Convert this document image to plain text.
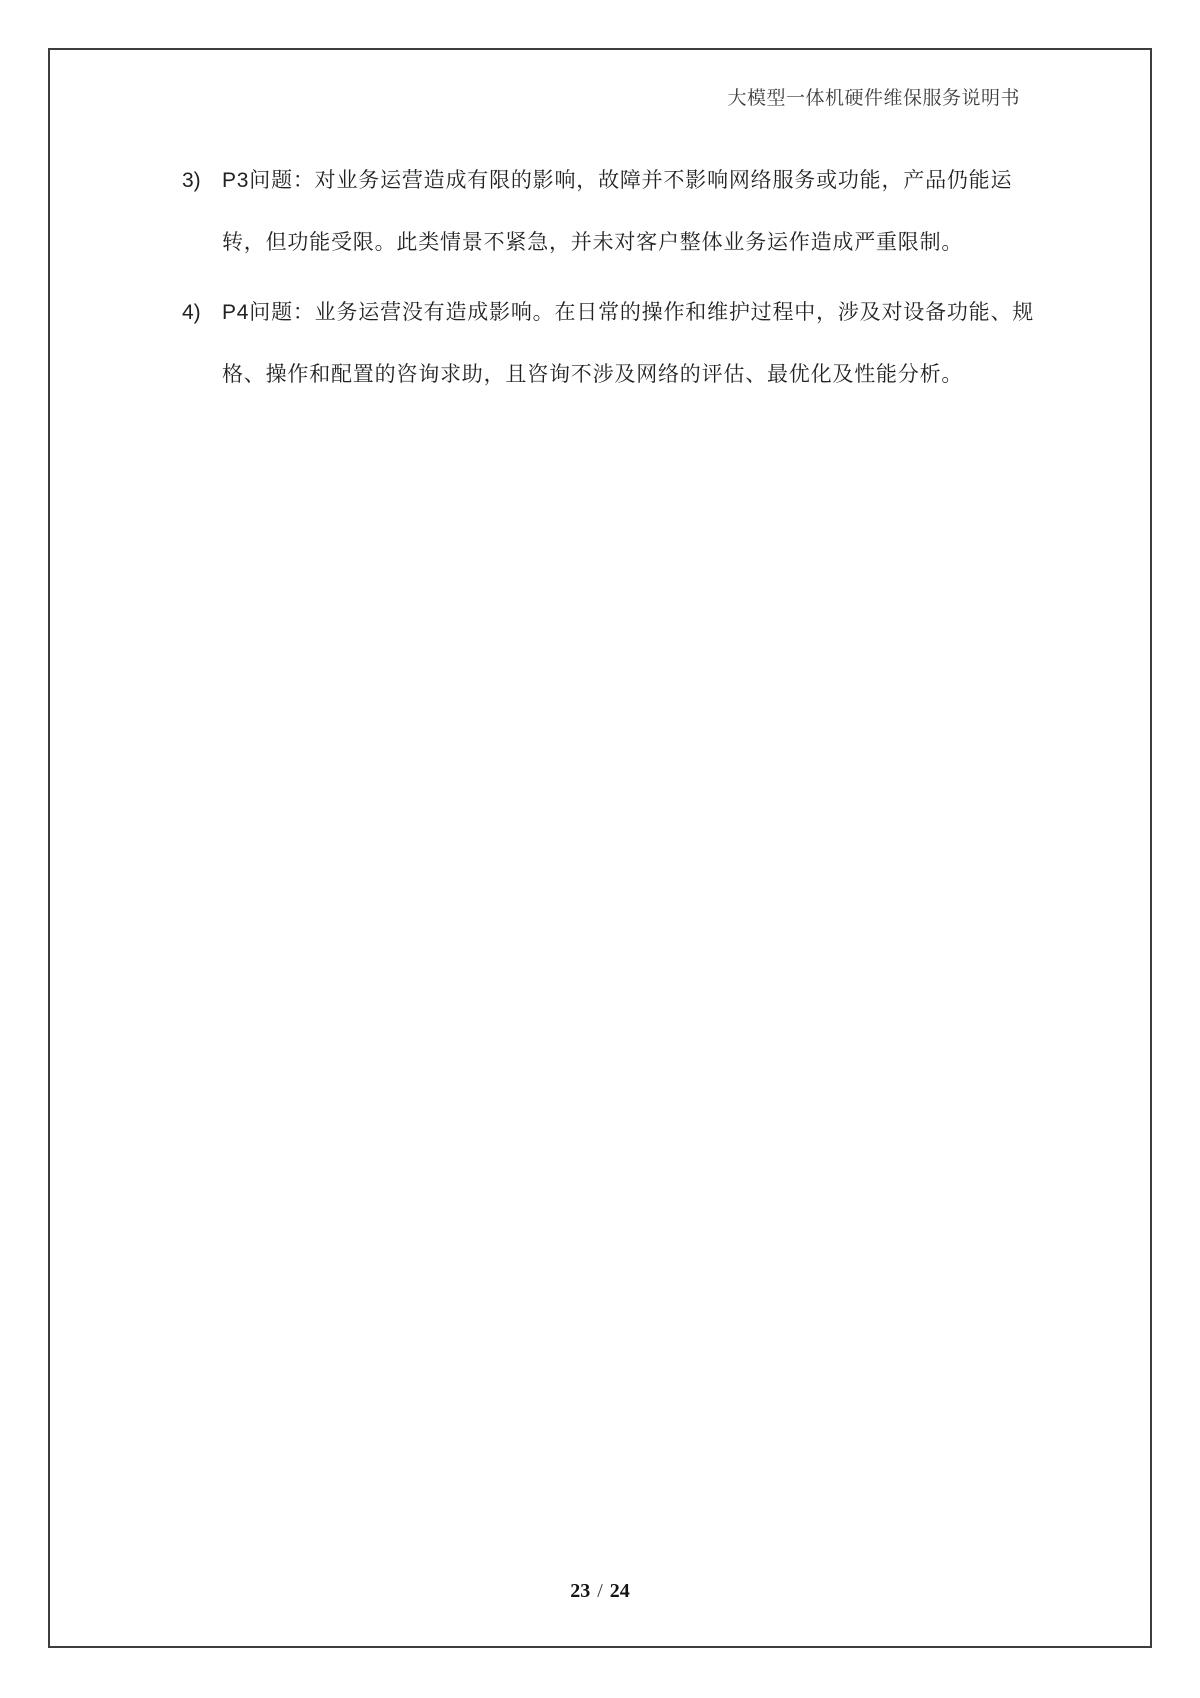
大模型一体机硬件维保服务说明书
3) P3问题：对业务运营造成有限的影响，故障并不影响网络服务或功能，产品仍能运
转，但功能受限。此类情景不紧急，并未对客户整体业务运作造成严重限制。
4) P4问题：业务运营没有造成影响。在日常的操作和维护过程中，涉及对设备功能、规
格、操作和配置的咨询求助，且咨询不涉及网络的评估、最优化及性能分析。
23 / 24
